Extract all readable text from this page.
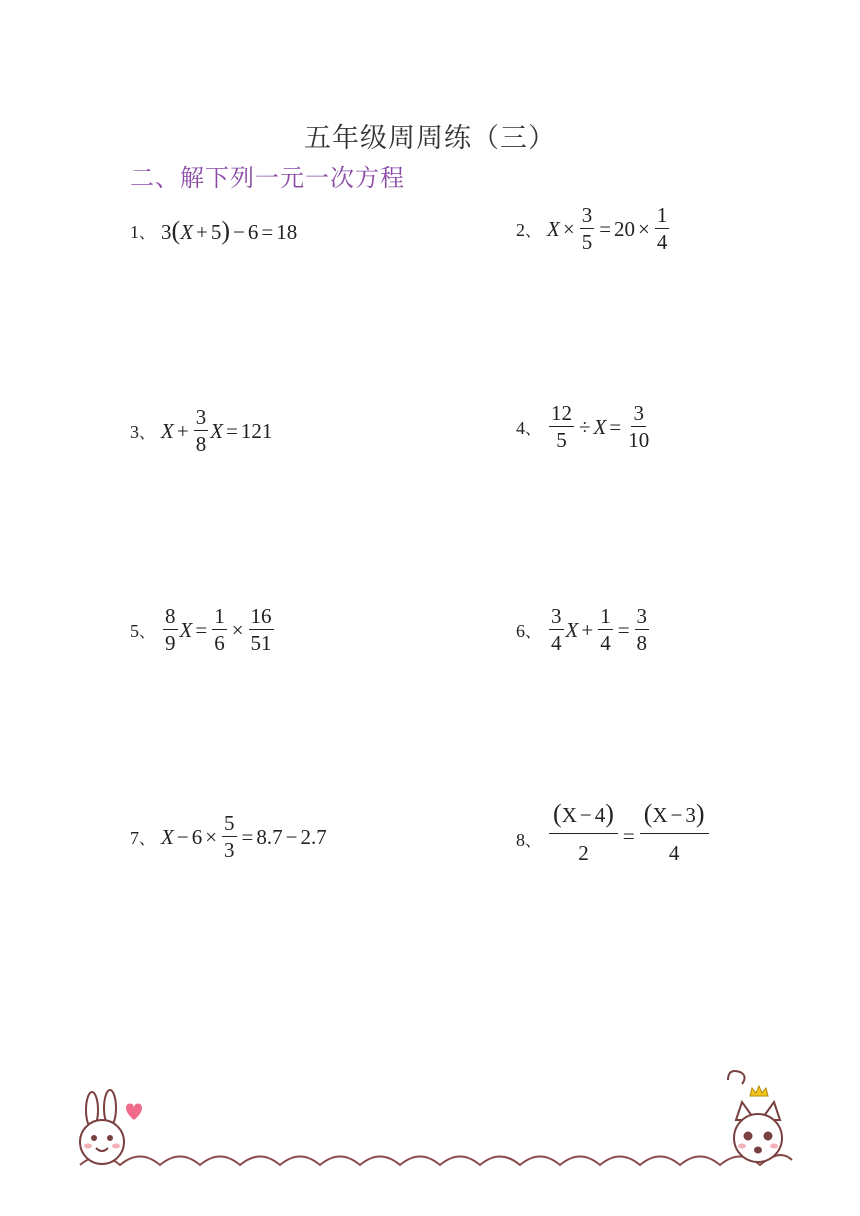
五年级周周练（三）
二、解下列一元一次方程
1、 3(X + 5) − 6 = 18	2、 $X \times \frac{3}{5} = 20 \times \frac{1}{4}$
3、 $X + \frac{3}{8}$ X = 121	4、 $\frac{12}{5} \div X = \frac{3}{10}$
5、 $\frac{8}{9}$ $X = \frac{1}{6} \times \frac{16}{51}$	6、 $\frac{3}{4}$ $X + \frac{1}{4} = \frac{3}{8}$
7、 $X - 6 \times \frac{5}{3} = 8.7 - 2.7$	8、 $\frac{(X - 4)}{2} = \frac{(X - 3)}{4}$
